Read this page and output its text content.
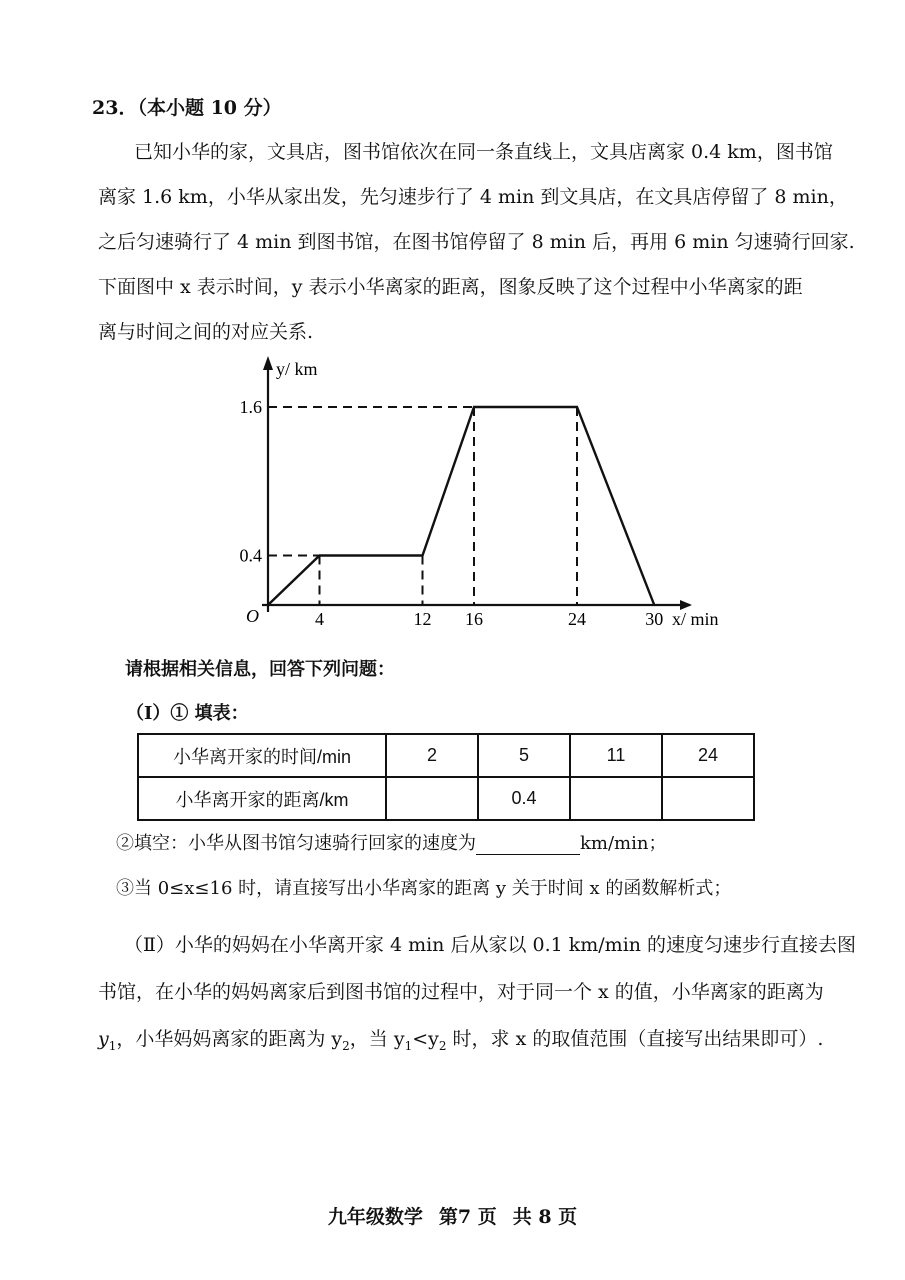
23．（本小题 10 分）
已知小华的家，文具店，图书馆依次在同一条直线上，文具店离家 0.4 km，图书馆
离家 1.6 km，小华从家出发，先匀速步行了 4 min 到文具店，在文具店停留了 8 min，
之后匀速骑行了 4 min 到图书馆，在图书馆停留了 8 min 后，再用 6 min 匀速骑行回家.
下面图中 x 表示时间，y 表示小华离家的距离，图象反映了这个过程中小华离家的距
离与时间之间的对应关系.
4	12 16	24	30
0.4
1.6
O
y/ km
x/ min
请根据相关信息，回答下列问题：
（Ⅰ）① 填表：
小华离开家的时间/min	2	5	11	24
小华离开家的距离/km		0.4		
②填空：小华从图书馆匀速骑行回家的速度为	km/min；
③当 0≤x≤16 时，请直接写出小华离家的距离 y 关于时间 x 的函数解析式；
（Ⅱ）小华的妈妈在小华离开家 4 min 后从家以 0.1 km/min 的速度匀速步行直接去图
书馆，在小华的妈妈离家后到图书馆的过程中，对于同一个 x 的值，小华离家的距离为
$y_1$，小华妈妈离家的距离为 $y_2$，当 $y_1<y_2$ 时，求 x 的取值范围（直接写出结果即可）.
九年级数学 第7 页 共 8 页
